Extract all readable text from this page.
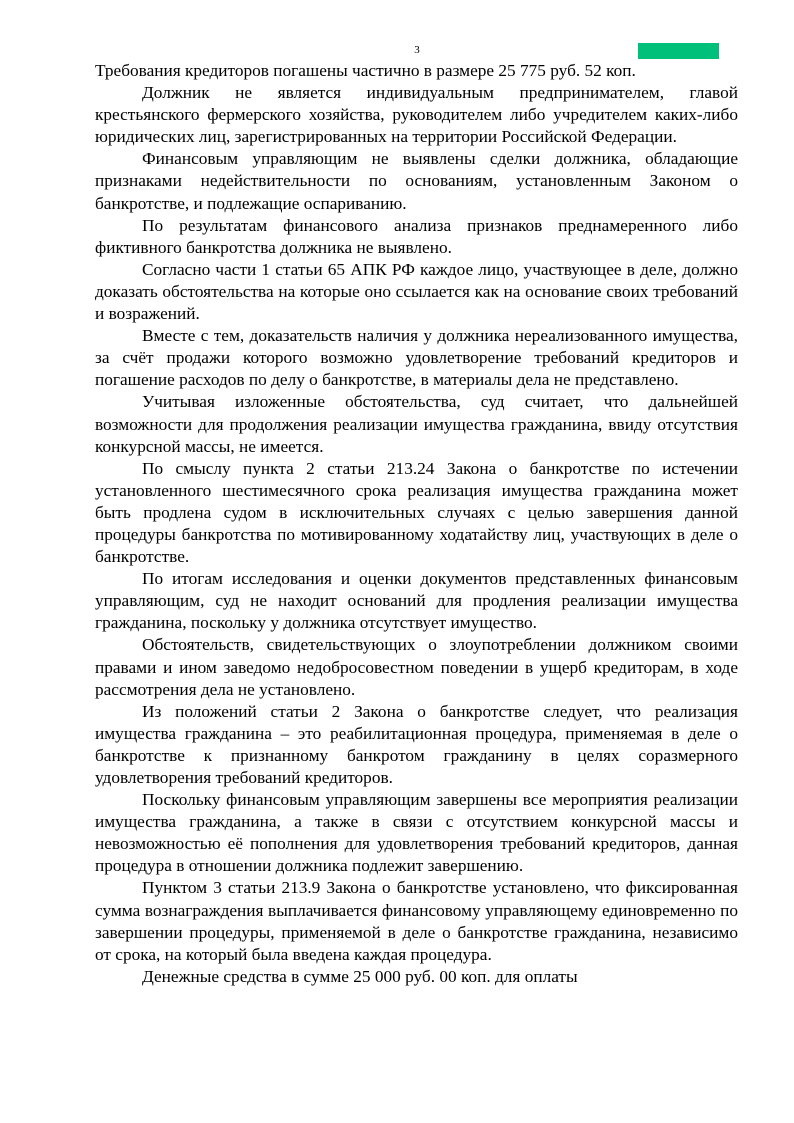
3

Требования кредиторов погашены частично в размере 25 775 руб. 52 коп.

Должник не является индивидуальным предпринимателем, главой крестьянского фермерского хозяйства, руководителем либо учредителем каких-либо юридических лиц, зарегистрированных на территории Российской Федерации.

Финансовым управляющим не выявлены сделки должника, обладающие признаками недействительности по основаниям, установленным Законом о банкротстве, и подлежащие оспариванию.

По результатам финансового анализа признаков преднамеренного либо фиктивного банкротства должника не выявлено.

Согласно части 1 статьи 65 АПК РФ каждое лицо, участвующее в деле, должно доказать обстоятельства на которые оно ссылается как на основание своих требований и возражений.

Вместе с тем, доказательств наличия у должника нереализованного имущества, за счёт продажи которого возможно удовлетворение требований кредиторов и погашение расходов по делу о банкротстве, в материалы дела не представлено.

Учитывая изложенные обстоятельства, суд считает, что дальнейшей возможности для продолжения реализации имущества гражданина, ввиду отсутствия конкурсной массы, не имеется.

По смыслу пункта 2 статьи 213.24 Закона о банкротстве по истечении установленного шестимесячного срока реализация имущества гражданина может быть продлена судом в исключительных случаях с целью завершения данной процедуры банкротства по мотивированному ходатайству лиц, участвующих в деле о банкротстве.

По итогам исследования и оценки документов представленных финансовым управляющим, суд не находит оснований для продления реализации имущества гражданина, поскольку у должника отсутствует имущество.

Обстоятельств, свидетельствующих о злоупотреблении должником своими правами и ином заведомо недобросовестном поведении в ущерб кредиторам, в ходе рассмотрения дела не установлено.

Из положений статьи 2 Закона о банкротстве следует, что реализация имущества гражданина – это реабилитационная процедура, применяемая в деле о банкротстве к признанному банкротом гражданину в целях соразмерного удовлетворения требований кредиторов.

Поскольку финансовым управляющим завершены все мероприятия реализации имущества гражданина, а также в связи с отсутствием конкурсной массы и невозможностью её пополнения для удовлетворения требований кредиторов, данная процедура в отношении должника подлежит завершению.

Пунктом 3 статьи 213.9 Закона о банкротстве установлено, что фиксированная сумма вознаграждения выплачивается финансовому управляющему единовременно по завершении процедуры, применяемой в деле о банкротстве гражданина, независимо от срока, на который была введена каждая процедура.

Денежные средства в сумме 25 000 руб. 00 коп. для оплаты
